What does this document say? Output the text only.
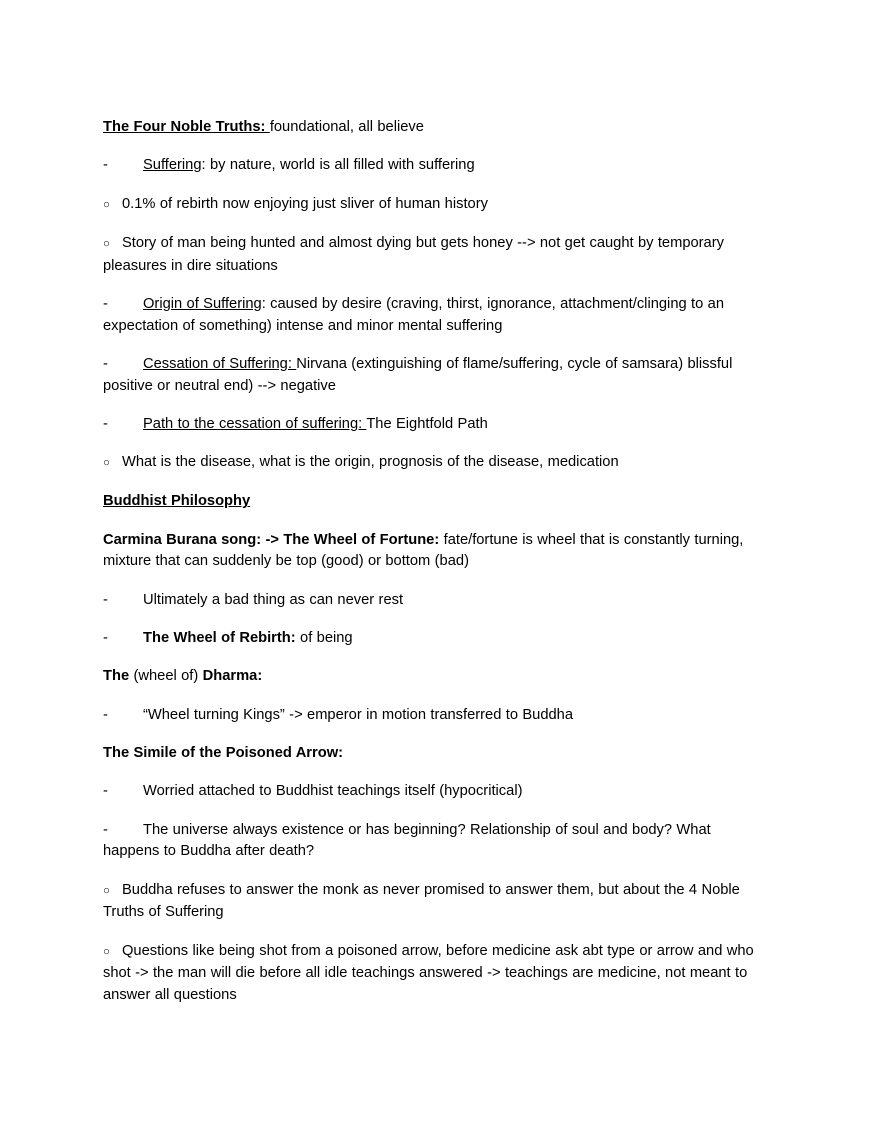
The Four Noble Truths: foundational, all believe

- Suffering: by nature, world is all filled with suffering

○ 0.1% of rebirth now enjoying just sliver of human history

○ Story of man being hunted and almost dying but gets honey --> not get caught by temporary pleasures in dire situations

- Origin of Suffering: caused by desire (craving, thirst, ignorance, attachment/clinging to an expectation of something) intense and minor mental suffering

- Cessation of Suffering: Nirvana (extinguishing of flame/suffering, cycle of samsara) blissful positive or neutral end) --> negative

- Path to the cessation of suffering: The Eightfold Path

○ What is the disease, what is the origin, prognosis of the disease, medication

Buddhist Philosophy

Carmina Burana song: -> The Wheel of Fortune: fate/fortune is wheel that is constantly turning, mixture that can suddenly be top (good) or bottom (bad)

- Ultimately a bad thing as can never rest

- The Wheel of Rebirth: of being

The (wheel of) Dharma:

- “Wheel turning Kings” -> emperor in motion transferred to Buddha

The Simile of the Poisoned Arrow:

- Worried attached to Buddhist teachings itself (hypocritical)

- The universe always existence or has beginning? Relationship of soul and body? What happens to Buddha after death?

○ Buddha refuses to answer the monk as never promised to answer them, but about the 4 Noble Truths of Suffering

○ Questions like being shot from a poisoned arrow, before medicine ask abt type or arrow and who shot -> the man will die before all idle teachings answered -> teachings are medicine, not meant to answer all questions
